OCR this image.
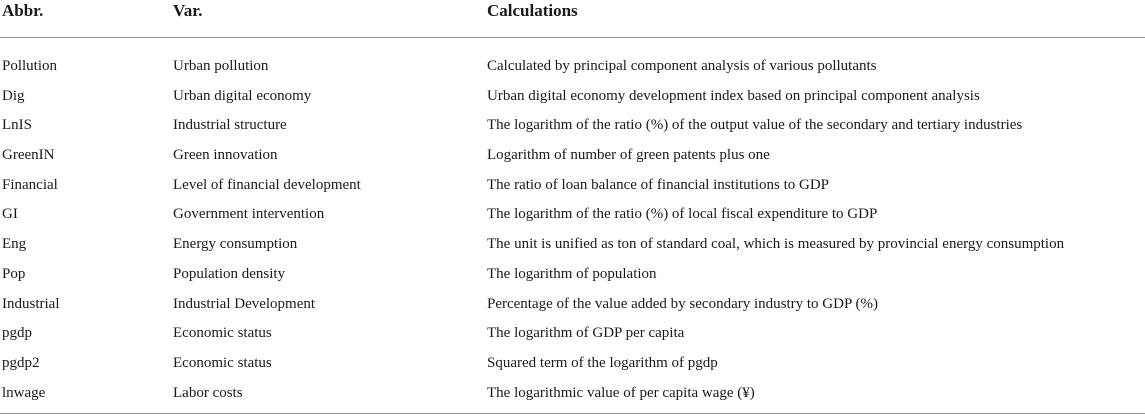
Abbr.	Var.	Calculations
Pollution	Urban pollution	Calculated by principal component analysis of various pollutants
Dig	Urban digital economy	Urban digital economy development index based on principal component analysis
LnIS	Industrial structure	The logarithm of the ratio (%) of the output value of the secondary and tertiary industries
GreenIN	Green innovation	Logarithm of number of green patents plus one
Financial	Level of financial development	The ratio of loan balance of financial institutions to GDP
GI	Government intervention	The logarithm of the ratio (%) of local fiscal expenditure to GDP
Eng	Energy consumption	The unit is unified as ton of standard coal, which is measured by provincial energy consumption
Pop	Population density	The logarithm of population
Industrial	Industrial Development	Percentage of the value added by secondary industry to GDP (%)
pgdp	Economic status	The logarithm of GDP per capita
pgdp2	Economic status	Squared term of the logarithm of pgdp
lnwage	Labor costs	The logarithmic value of per capita wage (¥)
